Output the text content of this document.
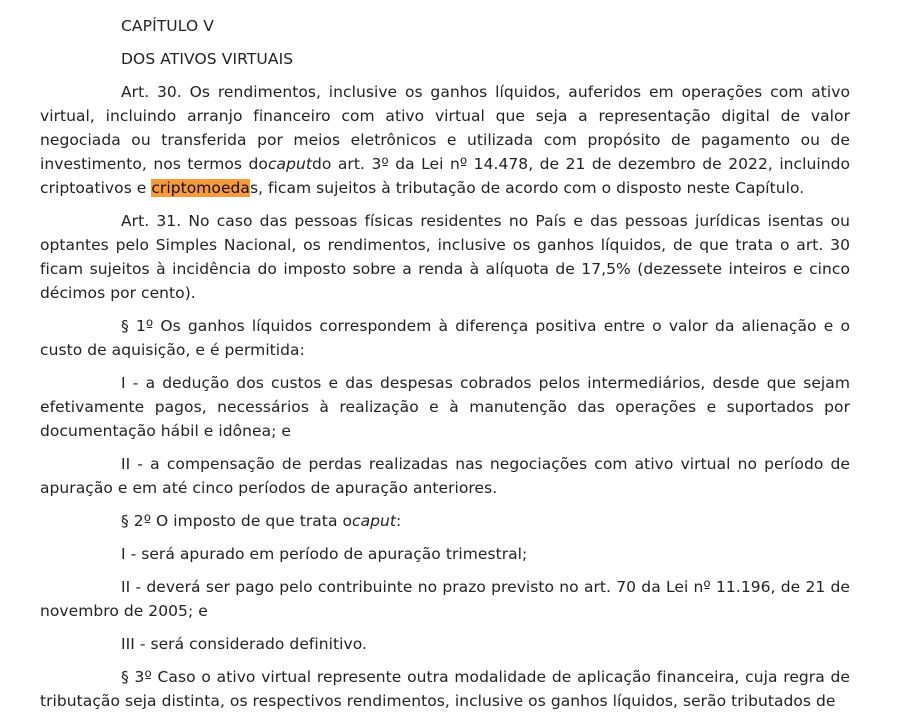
CAPÍTULO V

DOS ATIVOS VIRTUAIS

Art. 30. Os rendimentos, inclusive os ganhos líquidos, auferidos em operações com ativo virtual, incluindo arranjo financeiro com ativo virtual que seja a representação digital de valor negociada ou transferida por meios eletrônicos e utilizada com propósito de pagamento ou de investimento, nos termos docaputdo art. 3º da Lei nº 14.478, de 21 de dezembro de 2022, incluindo criptoativos e criptomoedas, ficam sujeitos à tributação de acordo com o disposto neste Capítulo.

Art. 31. No caso das pessoas físicas residentes no País e das pessoas jurídicas isentas ou optantes pelo Simples Nacional, os rendimentos, inclusive os ganhos líquidos, de que trata o art. 30 ficam sujeitos à incidência do imposto sobre a renda à alíquota de 17,5% (dezessete inteiros e cinco décimos por cento).

§ 1º Os ganhos líquidos correspondem à diferença positiva entre o valor da alienação e o custo de aquisição, e é permitida:

I - a dedução dos custos e das despesas cobrados pelos intermediários, desde que sejam efetivamente pagos, necessários à realização e à manutenção das operações e suportados por documentação hábil e idônea; e

II - a compensação de perdas realizadas nas negociações com ativo virtual no período de apuração e em até cinco períodos de apuração anteriores.

§ 2º O imposto de que trata ocaput:

I - será apurado em período de apuração trimestral;

II - deverá ser pago pelo contribuinte no prazo previsto no art. 70 da Lei nº 11.196, de 21 de novembro de 2005; e

III - será considerado definitivo.

§ 3º Caso o ativo virtual represente outra modalidade de aplicação financeira, cuja regra de tributação seja distinta, os respectivos rendimentos, inclusive os ganhos líquidos, serão tributados de
